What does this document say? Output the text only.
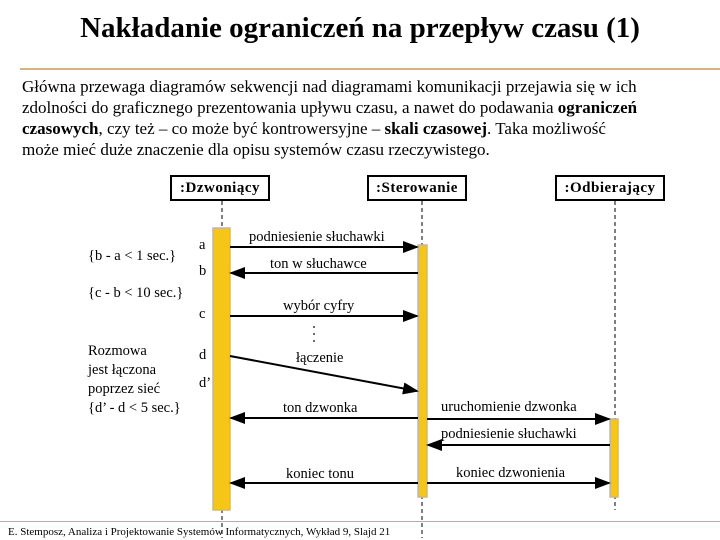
Nakładanie ograniczeń na przepływ czasu (1)
Główna przewaga diagramów sekwencji nad diagramami komunikacji przejawia się w ich
zdolności do graficznego prezentowania upływu czasu, a nawet do podawania ograniczeń
czasowych, czy też – co może być kontrowersyjne – skali czasowej. Taka możliwość
może mieć duże znaczenie dla opisu systemów czasu rzeczywistego.
:Dzwoniący	:Sterowanie	:Odbierający
a
b
c
d
d’
{b - a < 1 sec.}
{c - b < 10 sec.}
Rozmowa
jest łączona
poprzez sieć
{d’ - d < 5 sec.}
podniesienie słuchawki
ton w słuchawce
wybór cyfry
łączenie
ton dzwonka	uruchomienie dzwonka
podniesienie słuchawki
koniec tonu	koniec dzwonienia
E. Stemposz, Analiza i Projektowanie Systemów Informatycznych, Wykład 9, Slajd 21
